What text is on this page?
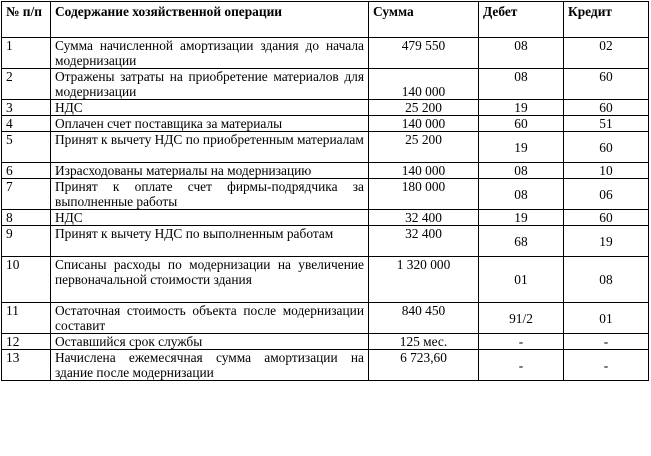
№ п/п	Содержание хозяйственной операции	Сумма	Дебет	Кредит
1	Сумма начисленной амортизации здания до начала модернизации	479 550	08	02
2	Отражены затраты на приобретение материалов для модернизации	140 000	08	60
3	НДС	25 200	19	60
4	Оплачен счет поставщика за материалы	140 000	60	51
5	Принят к вычету НДС по приобретенным материалам	25 200	19	60
6	Израсходованы материалы на модернизацию	140 000	08	10
7	Принят к оплате счет фирмы-подрядчика за выполненные работы	180 000	08	06
8	НДС	32 400	19	60
9	Принят к вычету НДС по выполненным работам	32 400	68	19
10	Списаны расходы по модернизации на увеличение первоначальной стоимости здания	1 320 000	01	08
11	Остаточная стоимость объекта после модернизации составит	840 450	91/2	01
12	Оставшийся срок службы	125 мес.	-	-
13	Начислена ежемесячная сумма амортизации на здание после модернизации	6 723,60	-	-
